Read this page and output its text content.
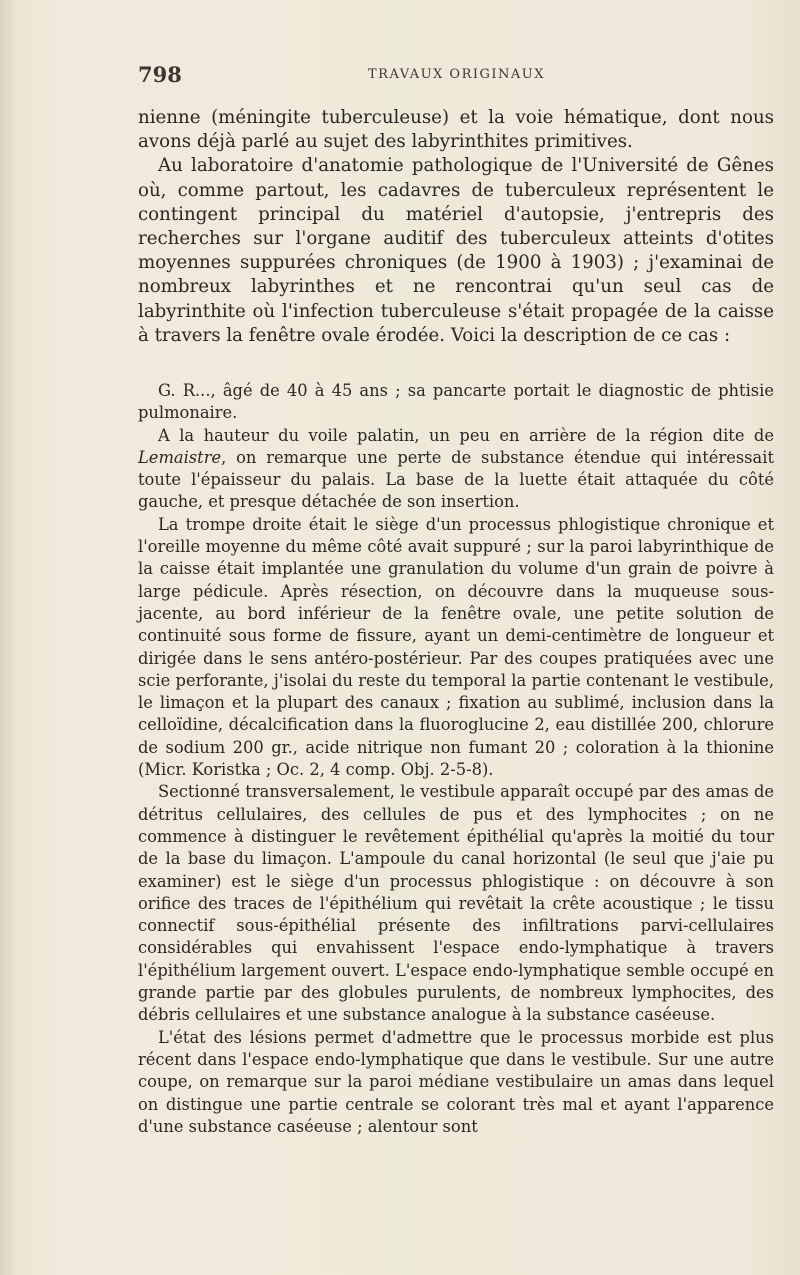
798	TRAVAUX ORIGINAUX

nienne (méningite tuberculeuse) et la voie hématique, dont nous avons déjà parlé au sujet des labyrinthites primitives.

Au laboratoire d'anatomie pathologique de l'Université de Gênes où, comme partout, les cadavres de tuberculeux représentent le contingent principal du matériel d'autopsie, j'entrepris des recherches sur l'organe auditif des tuberculeux atteints d'otites moyennes suppurées chroniques (de 1900 à 1903) ; j'examinai de nombreux labyrinthes et ne rencontrai qu'un seul cas de labyrinthite où l'infection tuberculeuse s'était propagée de la caisse à travers la fenêtre ovale érodée. Voici la description de ce cas :

G. R..., âgé de 40 à 45 ans ; sa pancarte portait le diagnostic de phtisie pulmonaire.

A la hauteur du voile palatin, un peu en arrière de la région dite de Lemaistre, on remarque une perte de substance étendue qui intéressait toute l'épaisseur du palais. La base de la luette était attaquée du côté gauche, et presque détachée de son insertion.

La trompe droite était le siège d'un processus phlogistique chronique et l'oreille moyenne du même côté avait suppuré ; sur la paroi labyrinthique de la caisse était implantée une granulation du volume d'un grain de poivre à large pédicule. Après résection, on découvre dans la muqueuse sous-jacente, au bord inférieur de la fenêtre ovale, une petite solution de continuité sous forme de fissure, ayant un demi-centimètre de longueur et dirigée dans le sens antéro-postérieur. Par des coupes pratiquées avec une scie perforante, j'isolai du reste du temporal la partie contenant le vestibule, le limaçon et la plupart des canaux ; fixation au sublimé, inclusion dans la celloïdine, décalcification dans la fluoroglucine 2, eau distillée 200, chlorure de sodium 200 gr., acide nitrique non fumant 20 ; coloration à la thionine (Micr. Koristka ; Oc. 2, 4 comp. Obj. 2-5-8).

Sectionné transversalement, le vestibule apparaît occupé par des amas de détritus cellulaires, des cellules de pus et des lymphocites ; on ne commence à distinguer le revêtement épithélial qu'après la moitié du tour de la base du limaçon. L'ampoule du canal horizontal (le seul que j'aie pu examiner) est le siège d'un processus phlogistique : on découvre à son orifice des traces de l'épithélium qui revêtait la crête acoustique ; le tissu connectif sous-épithélial présente des infiltrations parvi-cellulaires considérables qui envahissent l'espace endo-lymphatique à travers l'épithélium largement ouvert. L'espace endo-lymphatique semble occupé en grande partie par des globules purulents, de nombreux lymphocites, des débris cellulaires et une substance analogue à la substance caséeuse.

L'état des lésions permet d'admettre que le processus morbide est plus récent dans l'espace endo-lymphatique que dans le vestibule. Sur une autre coupe, on remarque sur la paroi médiane vestibulaire un amas dans lequel on distingue une partie centrale se colorant très mal et ayant l'apparence d'une substance caséeuse ; alentour sont
